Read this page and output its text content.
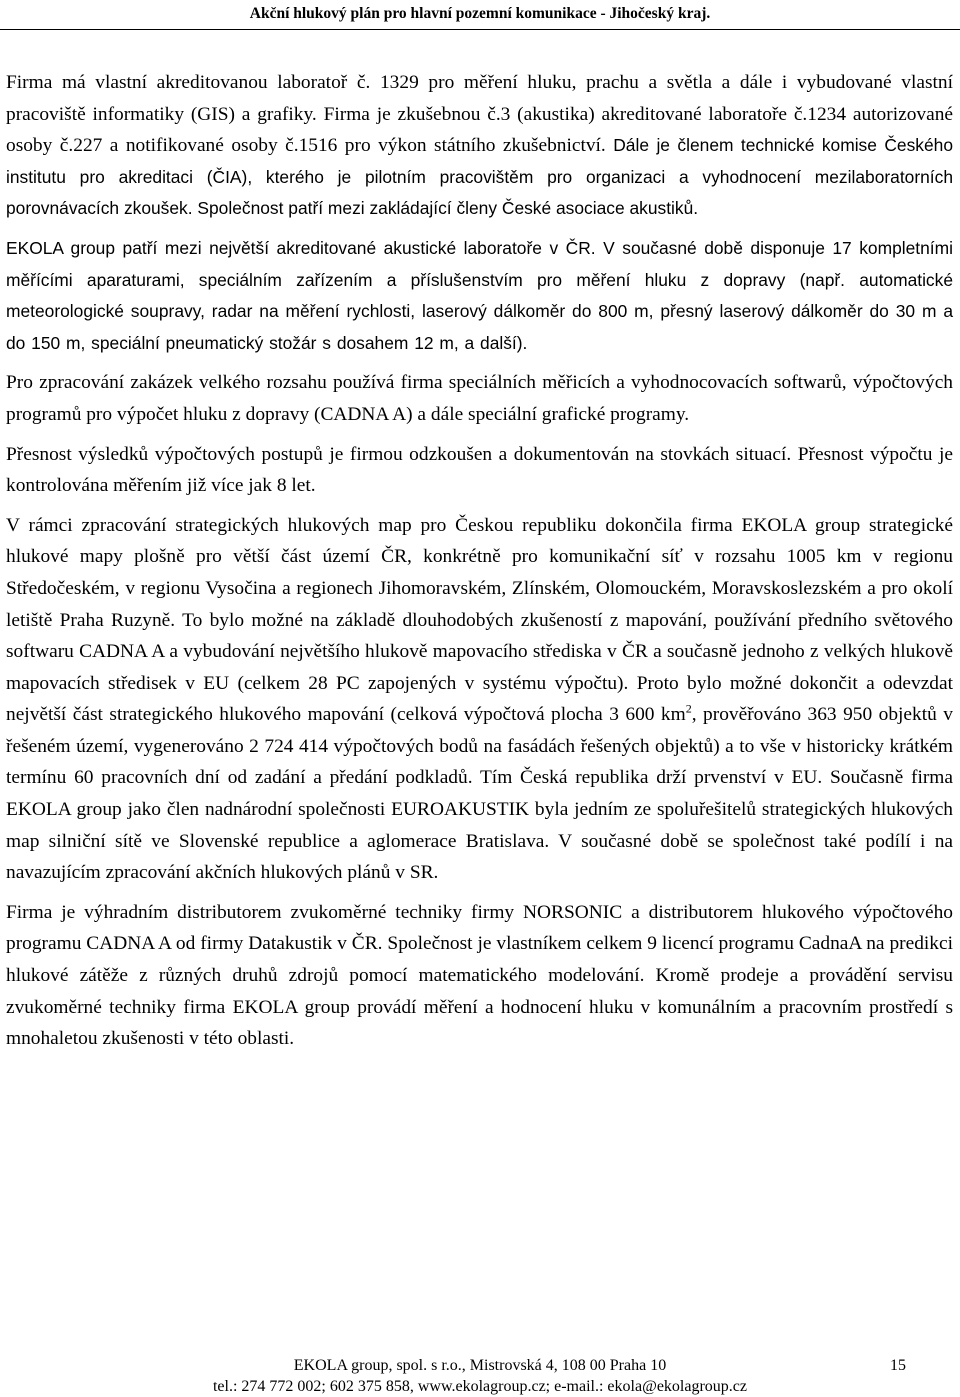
Akční hlukový plán pro hlavní pozemní komunikace - Jihočeský kraj.

Firma má vlastní akreditovanou laboratoř č. 1329 pro měření hluku, prachu a světla a dále i vybudované vlastní pracoviště informatiky (GIS) a grafiky. Firma je zkušebnou č.3 (akustika) akreditované laboratoře č.1234 autorizované osoby č.227 a notifikované osoby č.1516 pro výkon státního zkušebnictví. Dále je členem technické komise Českého institutu pro akreditaci (ČIA), kterého je pilotním pracovištěm pro organizaci a vyhodnocení mezilaboratorních porovnávacích zkoušek. Společnost patří mezi zakládající členy České asociace akustiků.

EKOLA group patří mezi největší akreditované akustické laboratoře v ČR. V současné době disponuje 17 kompletními měřícími aparaturami, speciálním zařízením a příslušenstvím pro měření hluku z dopravy (např. automatické meteorologické soupravy, radar na měření rychlosti, laserový dálkoměr do 800 m, přesný laserový dálkoměr do 30 m a do 150 m, speciální pneumatický stožár s dosahem 12 m, a další).

Pro zpracování zakázek velkého rozsahu používá firma speciálních měřicích a vyhodnocovacích softwarů, výpočtových programů pro výpočet hluku z dopravy (CADNA A) a dále speciální grafické programy.

Přesnost výsledků výpočtových postupů je firmou odzkoušen a dokumentován na stovkách situací. Přesnost výpočtu je kontrolována měřením již více jak 8 let.

V rámci zpracování strategických hlukových map pro Českou republiku dokončila firma EKOLA group strategické hlukové mapy plošně pro větší část území ČR, konkrétně pro komunikační síť v rozsahu 1005 km v regionu Středočeském, v regionu Vysočina a regionech Jihomoravském, Zlínském, Olomouckém, Moravskoslezském a pro okolí letiště Praha Ruzyně. To bylo možné na základě dlouhodobých zkušeností z mapování, používání předního světového softwaru CADNA A a vybudování největšího hlukově mapovacího střediska v ČR a současně jednoho z velkých hlukově mapovacích středisek v EU (celkem 28 PC zapojených v systému výpočtu). Proto bylo možné dokončit a odevzdat největší část strategického hlukového mapování (celková výpočtová plocha 3 600 $km^2$, prověřováno 363 950 objektů v řešeném území, vygenerováno 2 724 414 výpočtových bodů na fasádách řešených objektů) a to vše v historicky krátkém termínu 60 pracovních dní od zadání a předání podkladů. Tím Česká republika drží prvenství v EU. Současně firma EKOLA group jako člen nadnárodní společnosti EUROAKUSTIK byla jedním ze spoluřešitelů strategických hlukových map silniční sítě ve Slovenské republice a aglomerace Bratislava. V současné době se společnost také podílí i na navazujícím zpracování akčních hlukových plánů v SR.

Firma je výhradním distributorem zvukoměrné techniky firmy NORSONIC a distributorem hlukového výpočtového programu CADNA A od firmy Datakustik v ČR. Společnost je vlastníkem celkem 9 licencí programu CadnaA na predikci hlukové zátěže z různých druhů zdrojů pomocí matematického modelování. Kromě prodeje a provádění servisu zvukoměrné techniky firma EKOLA group provádí měření a hodnocení hluku v komunálním a pracovním prostředí s mnohaletou zkušenosti v této oblasti.

EKOLA group, spol. s r.o., Mistrovská 4, 108 00 Praha 10	15
tel.: 274 772 002; 602 375 858, www.ekolagroup.cz; e-mail.: ekola@ekolagroup.cz
